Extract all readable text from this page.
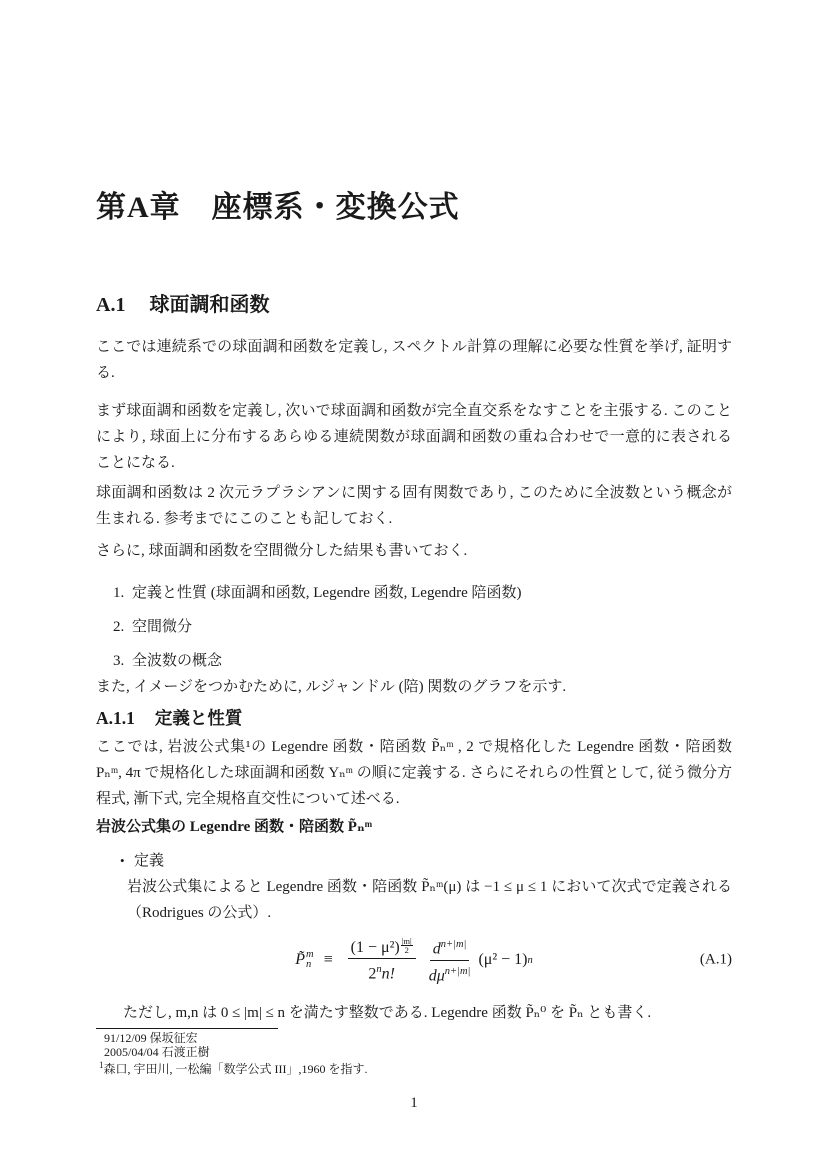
第A章　座標系・変換公式
A.1 球面調和函数

ここでは連続系での球面調和函数を定義し, スペクトル計算の理解に必要な性質を挙げ, 証明する.

まず球面調和函数を定義し, 次いで球面調和函数が完全直交系をなすことを主張する. このことにより, 球面上に分布するあらゆる連続関数が球面調和函数の重ね合わせで一意的に表されることになる.

球面調和函数は 2 次元ラプラシアンに関する固有関数であり, このために全波数という概念が生まれる. 参考までにこのことも記しておく.

さらに, 球面調和函数を空間微分した結果も書いておく.

1. 定義と性質 (球面調和函数, Legendre 函数, Legendre 陪函数)
2. 空間微分
3. 全波数の概念

また, イメージをつかむために, ルジャンドル (陪) 関数のグラフを示す.

A.1.1 定義と性質

ここでは, 岩波公式集¹の Legendre 函数・陪函数 P̃ₙᵐ , 2 で規格化した Legendre 函数・陪函数 Pₙᵐ, 4π で規格化した球面調和函数 Yₙᵐ の順に定義する. さらにそれらの性質として, 従う微分方程式, 漸下式, 完全規格直交性について述べる.

岩波公式集の Legendre 函数・陪函数 P̃ₙᵐ
• 定義

岩波公式集によると Legendre 函数・陪函数 P̃ₙᵐ(μ) は −1 ≤ μ ≤ 1 において次式で定義される（Rodrigues の公式）.

P̃ m
$n \equiv \frac{(1 - \mu^2) \frac{|m|}{2}}{2^nn!} \frac{d^{n+|m|}}{d\mu^{n+|m|}} (\mu^2 - 1)$ n	(A.1)

ただし, m,n は 0 ≤ |m| ≤ n を満たす整数である. Legendre 函数 P̃ₙ⁰ を P̃ₙ とも書く.

91/12/09 保坂征宏

2005/04/04 石渡正樹

$^1$森口, 宇田川, 一松編「数学公式 III」,1960 を指す.

1
